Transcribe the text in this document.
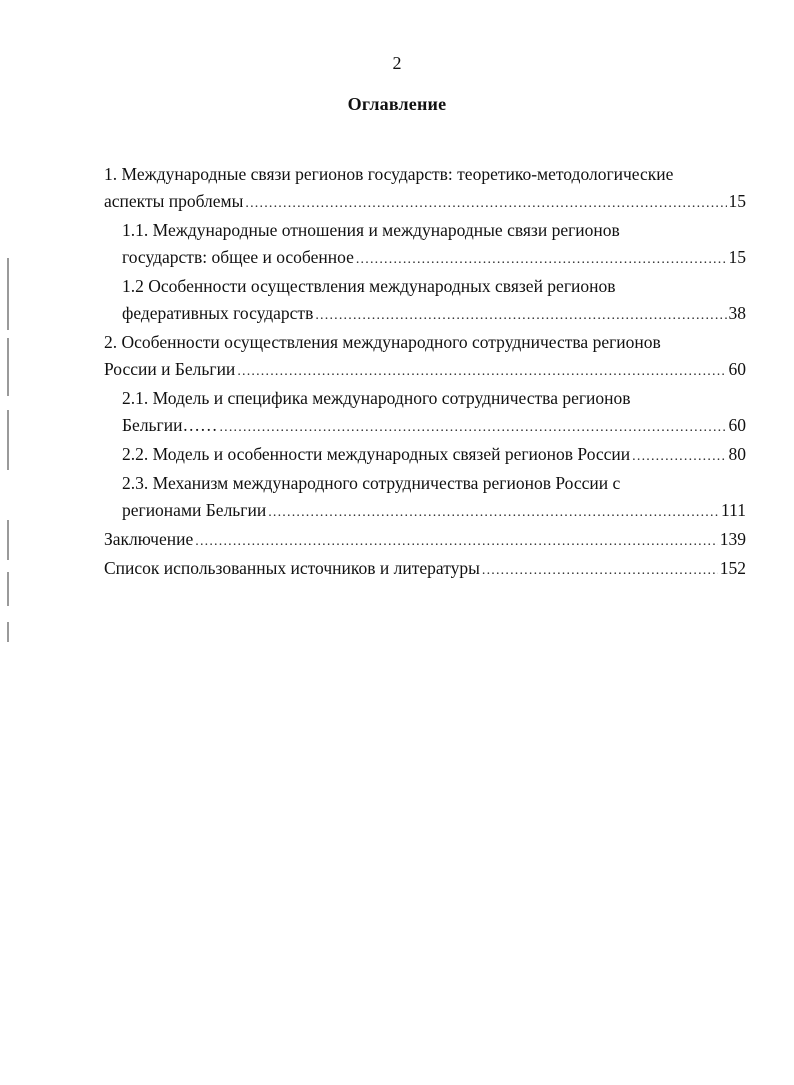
2
Оглавление
1. Международные связи регионов государств: теоретико-методологические
аспекты проблемы .....	15
1.1. Международные отношения и международные связи регионов
государств: общее и особенное .....	15
1.2 Особенности осуществления международных связей регионов
федеративных государств .....	38
2. Особенности осуществления международного сотрудничества регионов
России и Бельгии .....	60
2.1. Модель и специфика международного сотрудничества регионов
Бельгии…… .....	60
2.2. Модель и особенности международных связей регионов России .....	80
2.3. Механизм международного сотрудничества регионов России с
регионами Бельгии .....	111
Заключение .....	139
Список использованных источников и литературы .....	152
